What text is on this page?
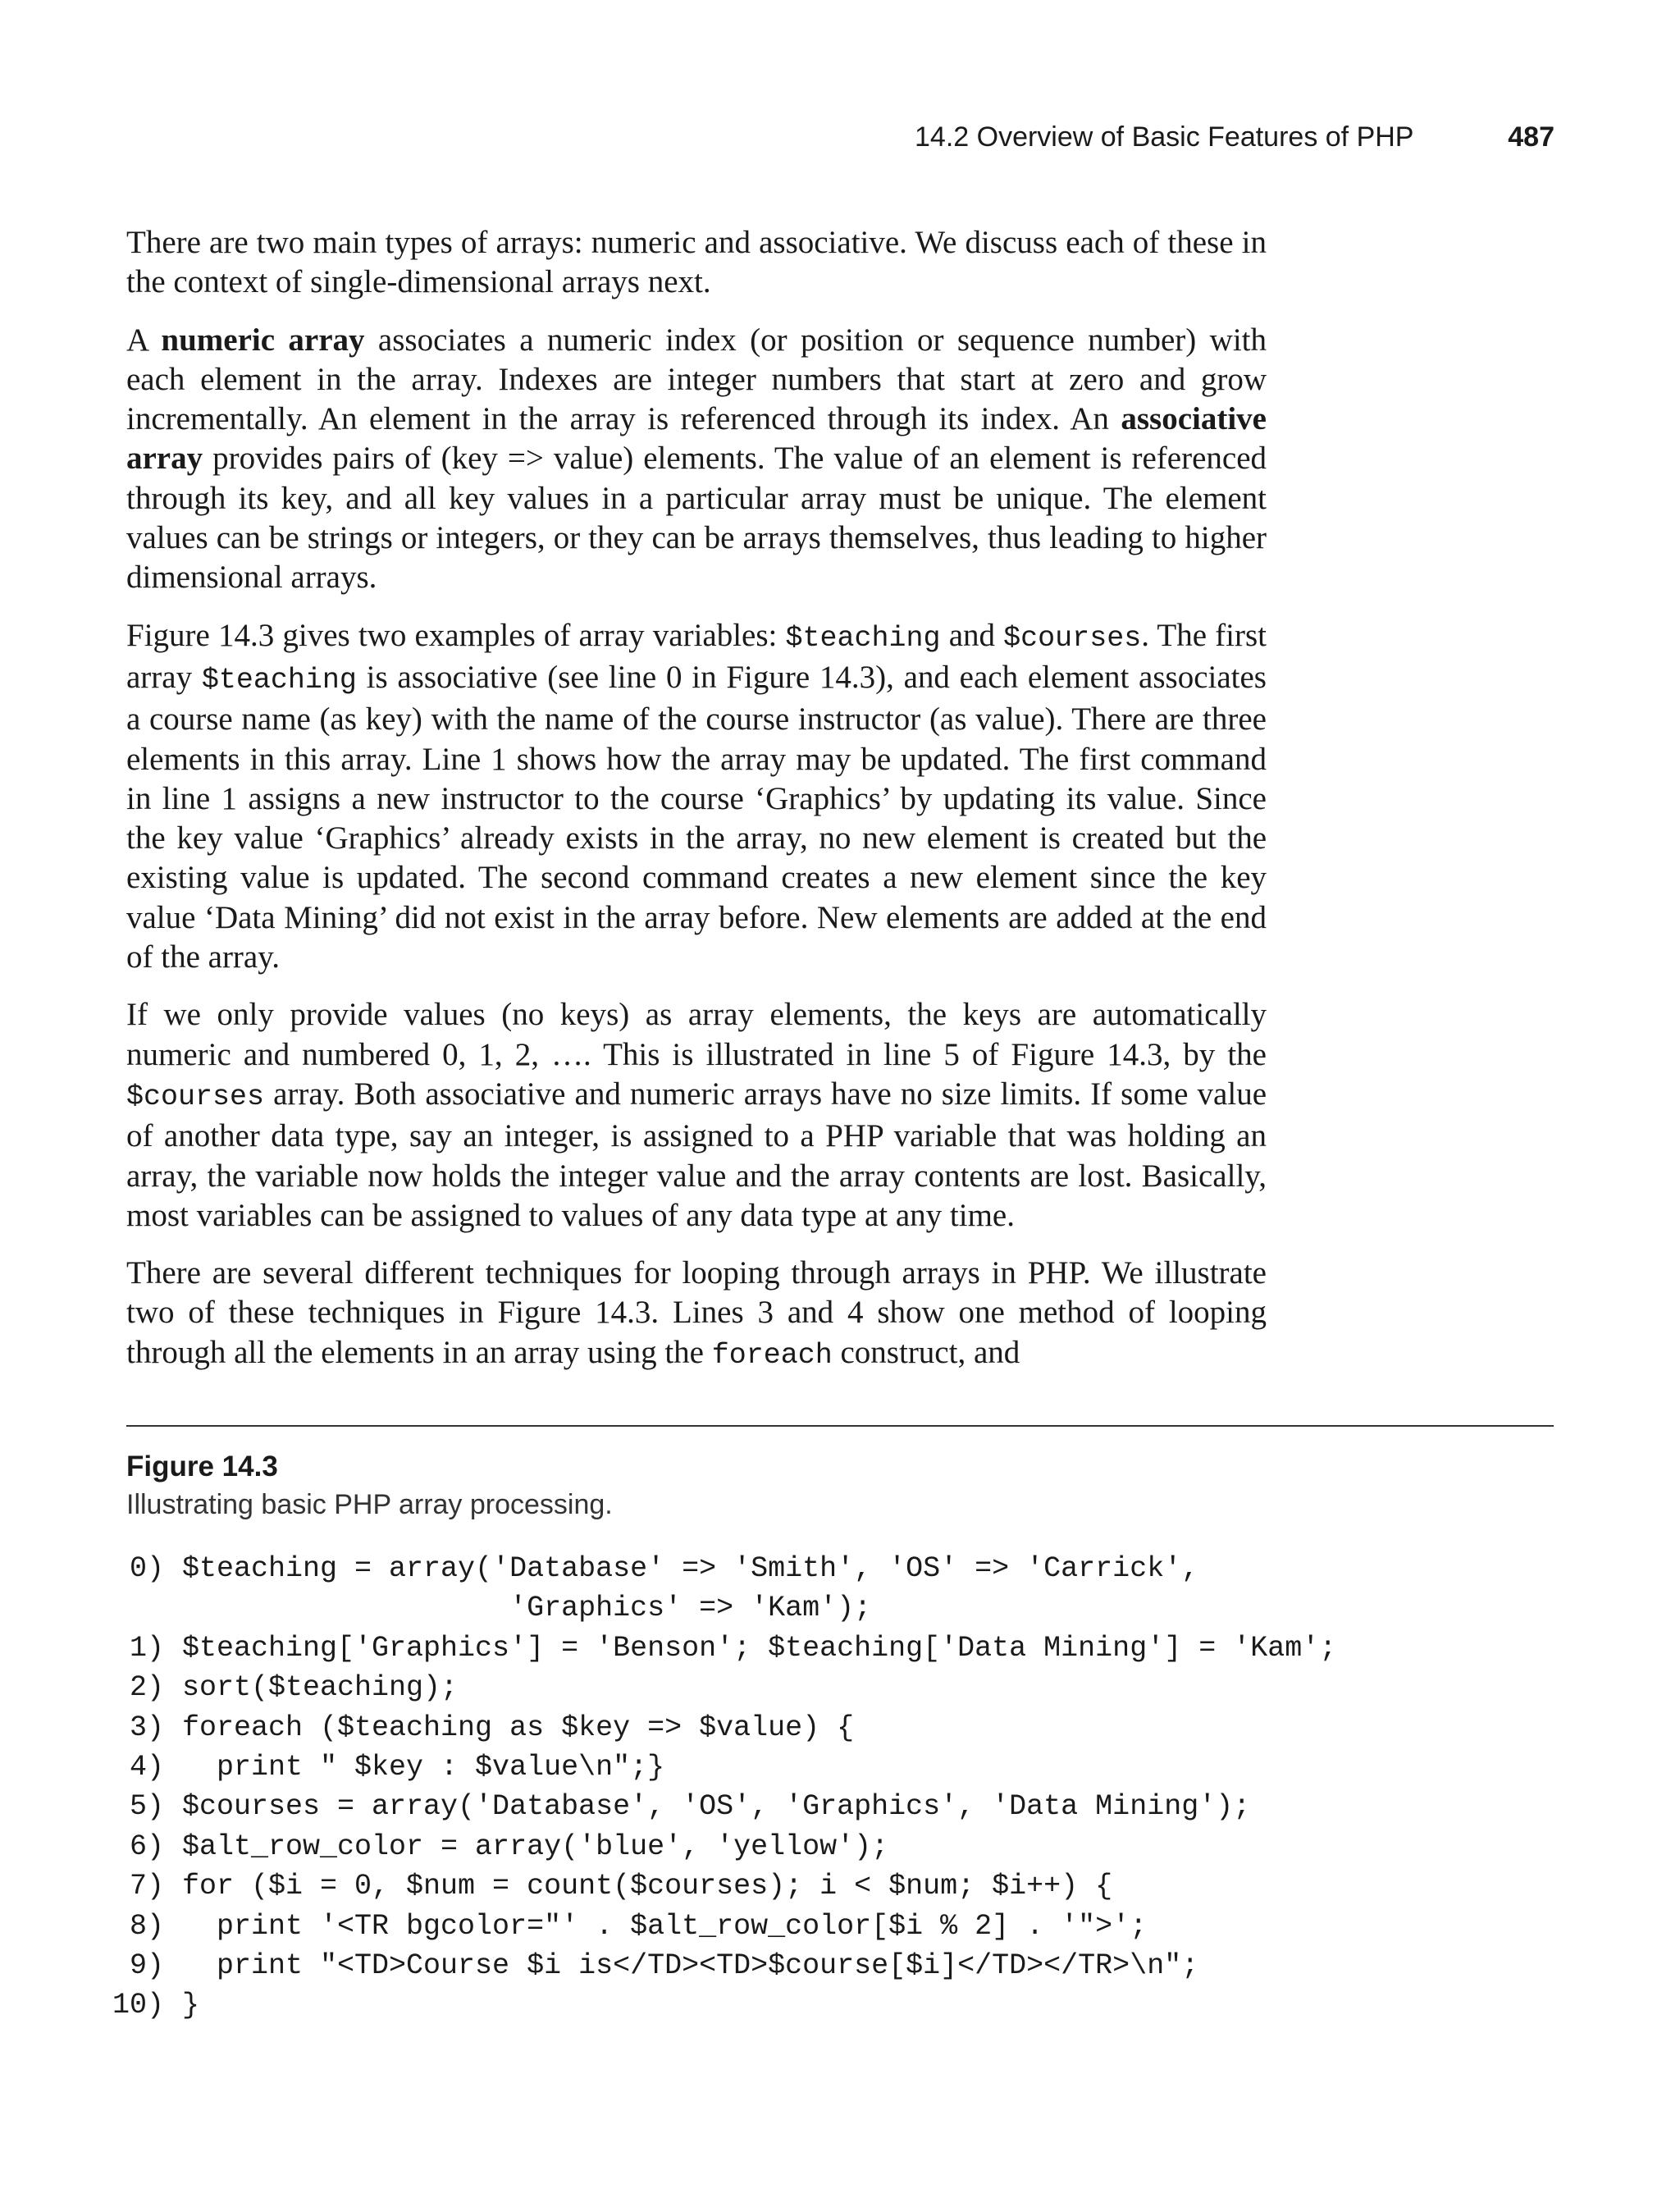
14.2 Overview of Basic Features of PHP	487

There are two main types of arrays: numeric and associative. We discuss each of these in the context of single-dimensional arrays next.

A numeric array associates a numeric index (or position or sequence number) with each element in the array. Indexes are integer numbers that start at zero and grow incrementally. An element in the array is referenced through its index. An associative array provides pairs of (key => value) elements. The value of an element is referenced through its key, and all key values in a particular array must be unique. The element values can be strings or integers, or they can be arrays themselves, thus leading to higher dimensional arrays.

Figure 14.3 gives two examples of array variables: $teaching and $courses. The first array $teaching is associative (see line 0 in Figure 14.3), and each element associates a course name (as key) with the name of the course instructor (as value). There are three elements in this array. Line 1 shows how the array may be updated. The first command in line 1 assigns a new instructor to the course ‘Graphics’ by updating its value. Since the key value ‘Graphics’ already exists in the array, no new element is created but the existing value is updated. The second command creates a new element since the key value ‘Data Mining’ did not exist in the array before. New elements are added at the end of the array.

If we only provide values (no keys) as array elements, the keys are automatically numeric and numbered 0, 1, 2, …. This is illustrated in line 5 of Figure 14.3, by the $courses array. Both associative and numeric arrays have no size limits. If some value of another data type, say an integer, is assigned to a PHP variable that was holding an array, the variable now holds the integer value and the array contents are lost. Basically, most variables can be assigned to values of any data type at any time.

There are several different techniques for looping through arrays in PHP. We illustrate two of these techniques in Figure 14.3. Lines 3 and 4 show one method of looping through all the elements in an array using the foreach construct, and

Figure 14.3
Illustrating basic PHP array processing.
0) $teaching = array('Database' => 'Smith', 'OS' => 'Carrick',
'Graphics' => 'Kam');
1) $teaching['Graphics'] = 'Benson'; $teaching['Data Mining'] = 'Kam';
2) sort($teaching);
3) foreach ($teaching as $key => $value) {
4) print " $key : $value\n";}
5) $courses = array('Database', 'OS', 'Graphics', 'Data Mining');
6) $alt_row_color = array('blue', 'yellow');
7) for ($i = 0, $num = count($courses); i < $num; $i++) {
8) print '<TR bgcolor="' . $alt_row_color[$i % 2] . '">';
9) print "<TD>Course $i is</TD><TD>$course[$i]</TD></TR>\n";
10) }
